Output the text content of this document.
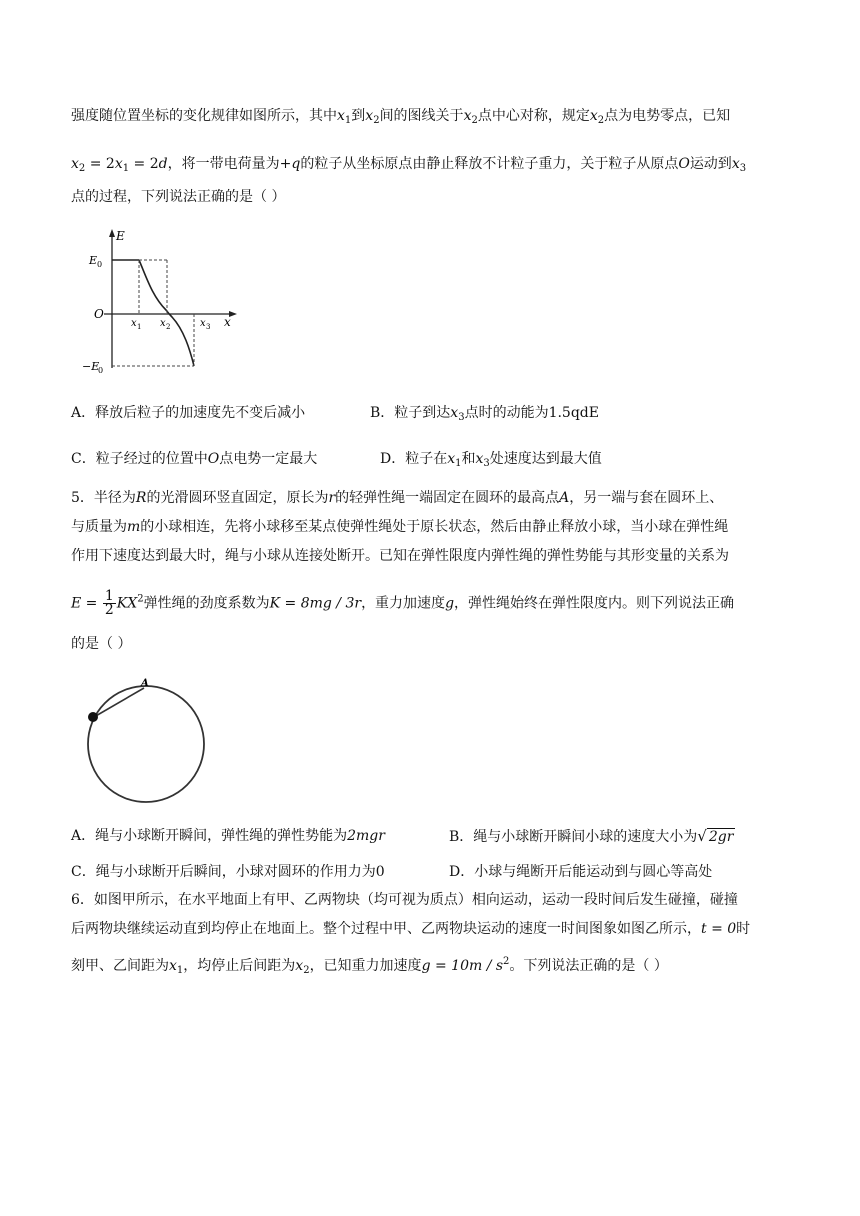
强度随位置坐标的变化规律如图所示，其中$x_1$到$x_2$间的图线关于$x_2$点中心对称，规定$x_2$点为电势零点，已知
$x_2 = 2x_1 = 2d$，将一带电荷量为+q的粒子从坐标原点由静止释放不计粒子重力，关于粒子从原点O运动到$x_3$
点的过程，下列说法正确的是（ ）
E
x
O
E 0
−E
0
x 1 x 2	x 3
A．释放后粒子的加速度先不变后减小	B．粒子到达$x_3$点时的动能为1.5qdE
C．粒子经过的位置中O点电势一定最大	D．粒子在$x_1$和$x_3$处速度达到最大值
5．半径为R的光滑圆环竖直固定，原长为r的轻弹性绳一端固定在圆环的最高点A，另一端与套在圆环上、
与质量为m的小球相连，先将小球移至某点使弹性绳处于原长状态，然后由静止释放小球，当小球在弹性绳
作用下速度达到最大时，绳与小球从连接处断开。已知在弹性限度内弹性绳的弹性势能与其形变量的关系为
$E = \frac{1}{2} KX^2$弹性绳的劲度系数为K = 8mg / 3r，重力加速度g，弹性绳始终在弹性限度内。则下列说法正确
的是（ ）
A
A．绳与小球断开瞬间，弹性绳的弹性势能为2mgr	B．绳与小球断开瞬间小球的速度大小为√ 2gr
C．绳与小球断开后瞬间，小球对圆环的作用力为0	D．小球与绳断开后能运动到与圆心等高处
6．如图甲所示，在水平地面上有甲、乙两物块（均可视为质点）相向运动，运动一段时间后发生碰撞，碰撞
后两物块继续运动直到均停止在地面上。整个过程中甲、乙两物块运动的速度一时间图象如图乙所示，t = 0时
刻甲、乙间距为$x_1$，均停止后间距为$x_2$，已知重力加速度$g = 10m / s^2$。下列说法正确的是（ ）
